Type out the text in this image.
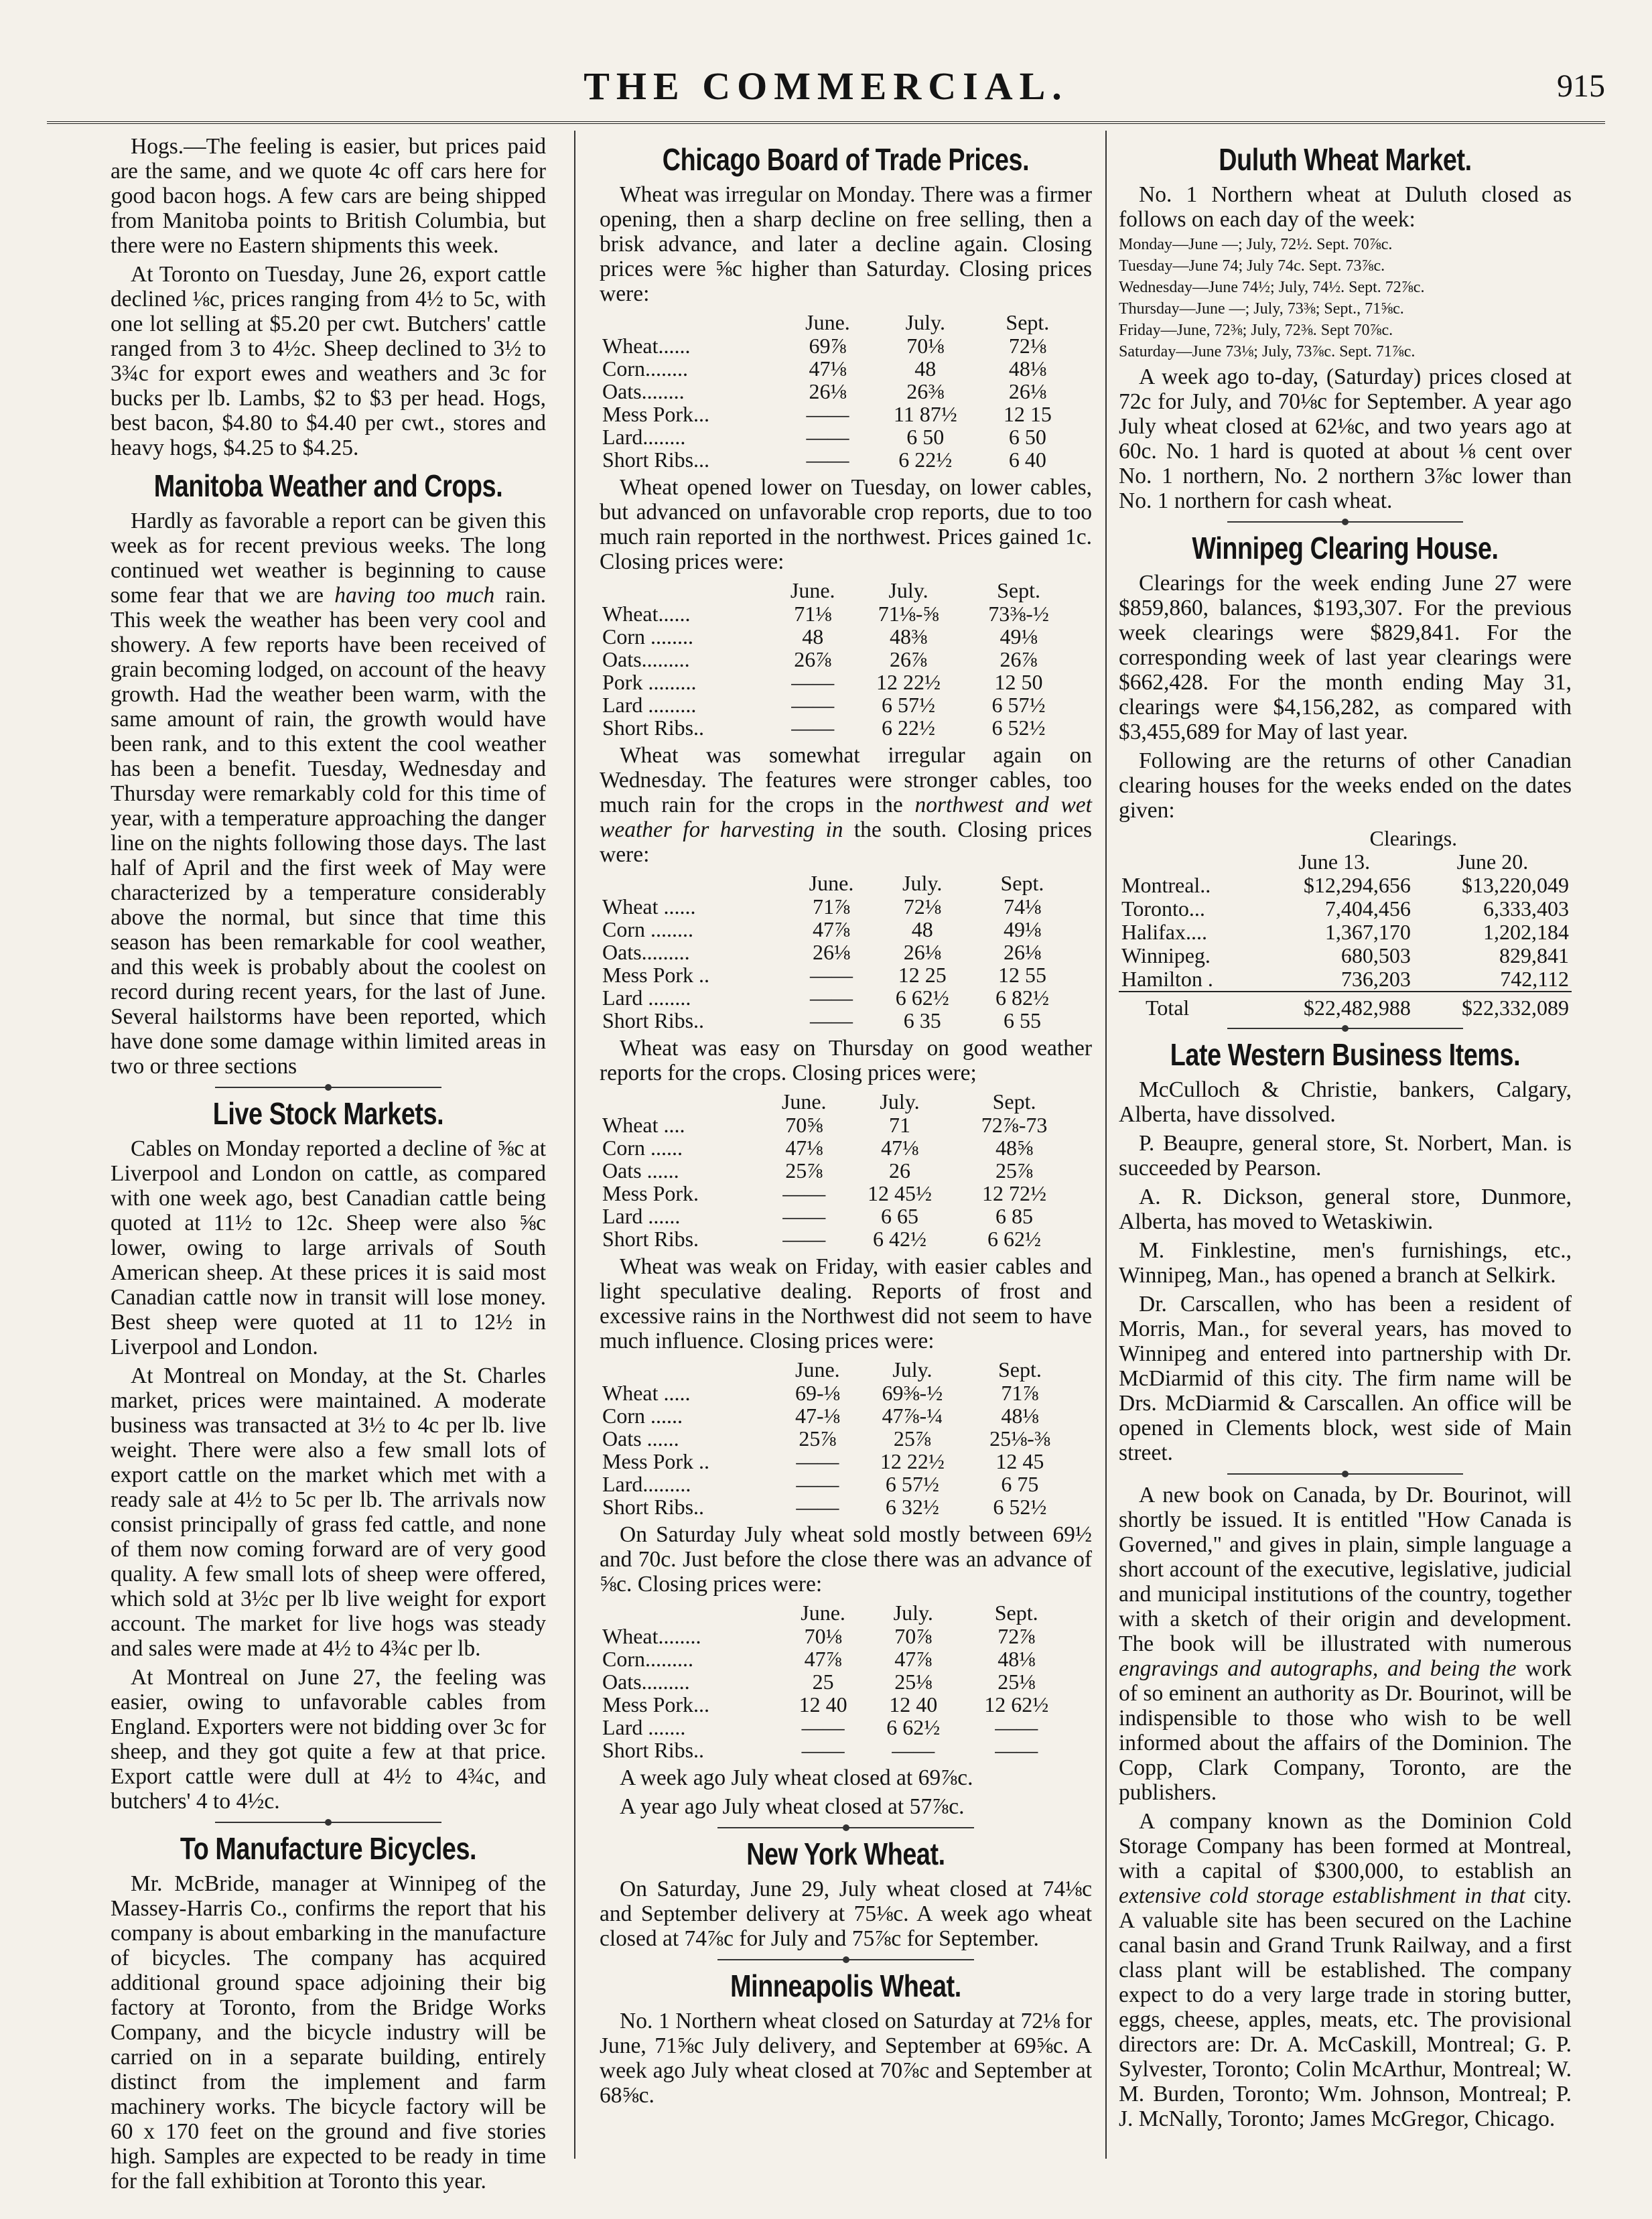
THE COMMERCIAL.	915

Hogs.—The feeling is easier, but prices paid are the same, and we quote 4c off cars here for good bacon hogs. A few cars are being shipped from Manitoba points to British Columbia, but there were no Eastern shipments this week.

At Toronto on Tuesday, June 26, export cattle declined ⅛c, prices ranging from 4½ to 5c, with one lot selling at $5.20 per cwt. Butchers' cattle ranged from 3 to 4½c. Sheep declined to 3½ to 3¾c for export ewes and weathers and 3c for bucks per lb. Lambs, $2 to $3 per head. Hogs, best bacon, $4.80 to $4.40 per cwt., stores and heavy hogs, $4.25 to $4.25.

Manitoba Weather and Crops.

Hardly as favorable a report can be given this week as for recent previous weeks. The long continued wet weather is beginning to cause some fear that we are having too much rain. This week the weather has been very cool and showery. A few reports have been received of grain becoming lodged, on account of the heavy growth. Had the weather been warm, with the same amount of rain, the growth would have been rank, and to this extent the cool weather has been a benefit. Tuesday, Wednesday and Thursday were remarkably cold for this time of year, with a temperature approaching the danger line on the nights following those days. The last half of April and the first week of May were characterized by a temperature considerably above the normal, but since that time this season has been remarkable for cool weather, and this week is probably about the coolest on record during recent years, for the last of June. Several hailstorms have been reported, which have done some damage within limited areas in two or three sections

Live Stock Markets.

Cables on Monday reported a decline of ⅝c at Liverpool and London on cattle, as compared with one week ago, best Canadian cattle being quoted at 11½ to 12c. Sheep were also ⅝c lower, owing to large arrivals of South American sheep. At these prices it is said most Canadian cattle now in transit will lose money. Best sheep were quoted at 11 to 12½ in Liverpool and London.

At Montreal on Monday, at the St. Charles market, prices were maintained. A moderate business was transacted at 3½ to 4c per lb. live weight. There were also a few small lots of export cattle on the market which met with a ready sale at 4½ to 5c per lb. The arrivals now consist principally of grass fed cattle, and none of them now coming forward are of very good quality. A few small lots of sheep were offered, which sold at 3½c per lb live weight for export account. The market for live hogs was steady and sales were made at 4½ to 4¾c per lb.

At Montreal on June 27, the feeling was easier, owing to unfavorable cables from England. Exporters were not bidding over 3c for sheep, and they got quite a few at that price. Export cattle were dull at 4½ to 4¾c, and butchers' 4 to 4½c.

To Manufacture Bicycles.

Mr. McBride, manager at Winnipeg of the Massey-Harris Co., confirms the report that his company is about embarking in the manufacture of bicycles. The company has acquired additional ground space adjoining their big factory at Toronto, from the Bridge Works Company, and the bicycle industry will be carried on in a separate building, entirely distinct from the implement and farm machinery works. The bicycle factory will be 60 x 170 feet on the ground and five stories high. Samples are expected to be ready in time for the fall exhibition at Toronto this year.

Chicago Board of Trade Prices.

Wheat was irregular on Monday. There was a firmer opening, then a sharp decline on free selling, then a brisk advance, and later a decline again. Closing prices were ⅝c higher than Saturday. Closing prices were:

	June.	July.	Sept.
Wheat......	69⅞	70⅛	72⅛
Corn........	47⅛	48	48⅛
Oats........	26⅛	26⅜	26⅛
Mess Pork...	——	11 87½	12 15
Lard........	——	6 50	6 50
Short Ribs...	——	6 22½	6 40

Wheat opened lower on Tuesday, on lower cables, but advanced on unfavorable crop reports, due to too much rain reported in the northwest. Prices gained 1c. Closing prices were:

	June.	July.	Sept.
Wheat......	71⅛	71⅛-⅝	73⅜-½
Corn ........	48	48⅜	49⅛
Oats.........	26⅞	26⅞	26⅞
Pork .........	——	12 22½	12 50
Lard .........	——	6 57½	6 57½
Short Ribs..	——	6 22½	6 52½

Wheat was somewhat irregular again on Wednesday. The features were stronger cables, too much rain for the crops in the northwest and wet weather for harvesting in the south. Closing prices were:

	June.	July.	Sept.
Wheat ......	71⅞	72⅛	74⅛
Corn ........	47⅞	48	49⅛
Oats.........	26⅛	26⅛	26⅛
Mess Pork ..	——	12 25	12 55
Lard ........	——	6 62½	6 82½
Short Ribs..	——	6 35	6 55

Wheat was easy on Thursday on good weather reports for the crops. Closing prices were;

	June.	July.	Sept.
Wheat ....	70⅝	71	72⅞-73
Corn ......	47⅛	47⅛	48⅝
Oats ......	25⅞	26	25⅞
Mess Pork.	——	12 45½	12 72½
Lard ......	——	6 65	6 85
Short Ribs.	——	6 42½	6 62½

Wheat was weak on Friday, with easier cables and light speculative dealing. Reports of frost and excessive rains in the Northwest did not seem to have much influence. Closing prices were:

	June.	July.	Sept.
Wheat .....	69-⅛	69⅜-½	71⅞
Corn ......	47-⅛	47⅞-¼	48⅛
Oats ......	25⅞	25⅞	25⅛-⅜
Mess Pork ..	——	12 22½	12 45
Lard.........	——	6 57½	6 75
Short Ribs..	——	6 32½	6 52½

On Saturday July wheat sold mostly between 69½ and 70c. Just before the close there was an advance of ⅝c. Closing prices were:

	June.	July.	Sept.
Wheat........	70⅛	70⅞	72⅞
Corn.........	47⅞	47⅞	48⅛
Oats.........	25	25⅛	25⅛
Mess Pork...	12 40	12 40	12 62½
Lard .......	——	6 62½	——
Short Ribs..	——	——	——

A week ago July wheat closed at 69⅞c.

A year ago July wheat closed at 57⅞c.

New York Wheat.

On Saturday, June 29, July wheat closed at 74⅛c and September delivery at 75⅛c. A week ago wheat closed at 74⅞c for July and 75⅞c for September.

Minneapolis Wheat.

No. 1 Northern wheat closed on Saturday at 72⅛ for June, 71⅝c July delivery, and September at 69⅝c. A week ago July wheat closed at 70⅞c and September at 68⅝c.

Duluth Wheat Market.

No. 1 Northern wheat at Duluth closed as follows on each day of the week:

Monday—June —; July, 72½. Sept. 70⅞c.

Tuesday—June 74; July 74c. Sept. 73⅞c.

Wednesday—June 74½; July, 74½. Sept. 72⅞c.

Thursday—June —; July, 73⅜; Sept., 71⅝c.

Friday—June, 72⅜; July, 72⅜. Sept 70⅞c.

Saturday—June 73⅛; July, 73⅞c. Sept. 71⅞c.

A week ago to-day, (Saturday) prices closed at 72c for July, and 70⅛c for September. A year ago July wheat closed at 62⅛c, and two years ago at 60c. No. 1 hard is quoted at about ⅛ cent over No. 1 northern, No. 2 northern 3⅞c lower than No. 1 northern for cash wheat.

Winnipeg Clearing House.

Clearings for the week ending June 27 were $859,860, balances, $193,307. For the previous week clearings were $829,841. For the corresponding week of last year clearings were $662,428. For the month ending May 31, clearings were $4,156,282, as compared with $3,455,689 for May of last year.

Following are the returns of other Canadian clearing houses for the weeks ended on the dates given:

	Clearings.	
	June 13.	June 20.
Montreal..	$12,294,656	$13,220,049
Toronto...	7,404,456	6,333,403
Halifax....	1,367,170	1,202,184
Winnipeg.	680,503	829,841
Hamilton .	736,203	742,112
Total	$22,482,988	$22,332,089
Late Western Business Items.

McCulloch & Christie, bankers, Calgary, Alberta, have dissolved.

P. Beaupre, general store, St. Norbert, Man. is succeeded by Pearson.

A. R. Dickson, general store, Dunmore, Alberta, has moved to Wetaskiwin.

M. Finklestine, men's furnishings, etc., Winnipeg, Man., has opened a branch at Selkirk.

Dr. Carscallen, who has been a resident of Morris, Man., for several years, has moved to Winnipeg and entered into partnership with Dr. McDiarmid of this city. The firm name will be Drs. McDiarmid & Carscallen. An office will be opened in Clements block, west side of Main street.

A new book on Canada, by Dr. Bourinot, will shortly be issued. It is entitled "How Canada is Governed," and gives in plain, simple language a short account of the executive, legislative, judicial and municipal institutions of the country, together with a sketch of their origin and development. The book will be illustrated with numerous engravings and autographs, and being the work of so eminent an authority as Dr. Bourinot, will be indispensible to those who wish to be well informed about the affairs of the Dominion. The Copp, Clark Company, Toronto, are the publishers.

A company known as the Dominion Cold Storage Company has been formed at Montreal, with a capital of $300,000, to establish an extensive cold storage establishment in that city. A valuable site has been secured on the Lachine canal basin and Grand Trunk Railway, and a first class plant will be established. The company expect to do a very large trade in storing butter, eggs, cheese, apples, meats, etc. The provisional directors are: Dr. A. McCaskill, Montreal; G. P. Sylvester, Toronto; Colin McArthur, Montreal; W. M. Burden, Toronto; Wm. Johnson, Montreal; P. J. McNally, Toronto; James McGregor, Chicago.
